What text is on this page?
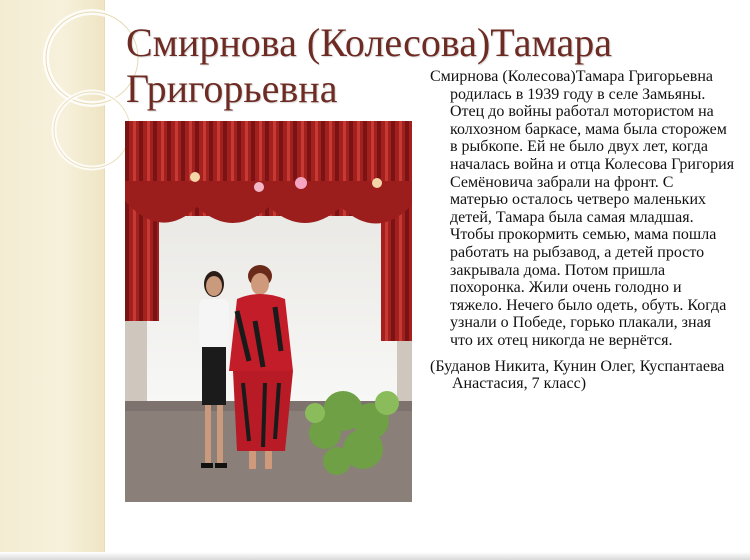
Смирнова (Колесова)Тамара
Григорьевна	Смирнова (Колесова)Тамара Григорьевна родилась в 1939 году в селе Замьяны. Отец до войны работал мотористом на колхозном баркасе, мама была сторожем в рыбкопе. Ей не было двух лет, когда началась война и отца Колесова Григория Семёновича забрали на фронт. С матерью осталось четверо маленьких детей, Тамара была самая младшая. Чтобы прокормить семью, мама пошла работать на рыбзавод, а детей просто закрывала дома. Потом пришла похоронка. Жили очень голодно и тяжело. Нечего было одеть, обуть. Когда узнали о Победе, горько плакали, зная что их отец никогда не вернётся.

(Буданов Никита, Кунин Олег, Куспантаева Анастасия, 7 класс)
